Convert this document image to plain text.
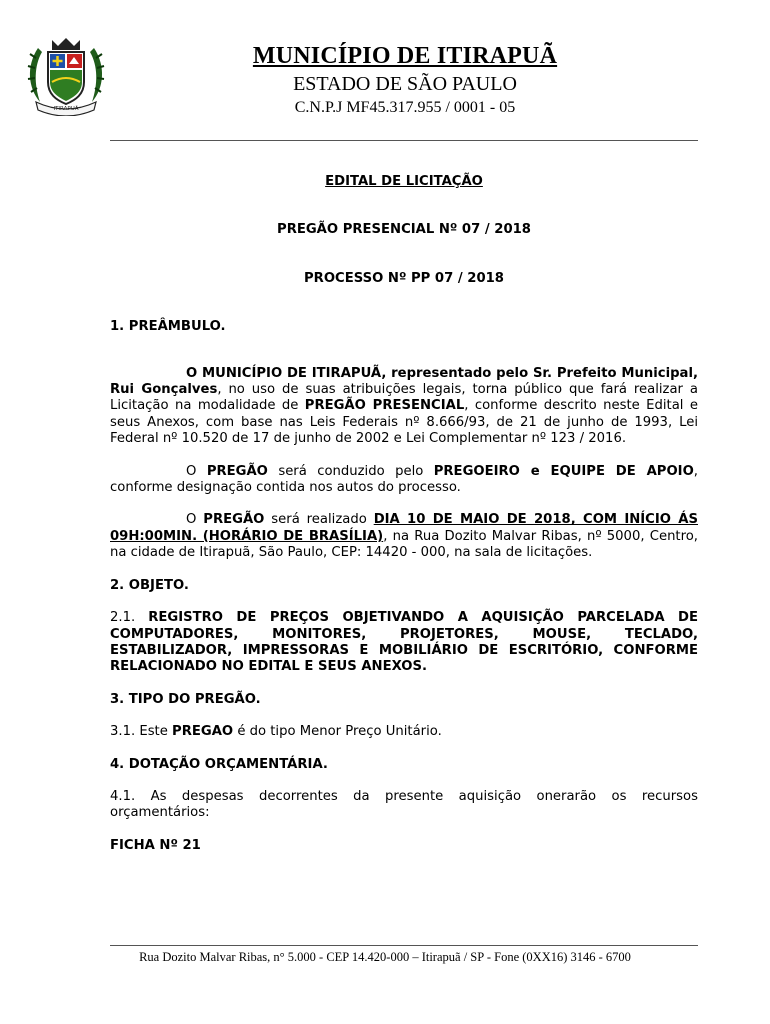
ITIRAPUÃ
MUNICÍPIO DE ITIRAPUÃ
ESTADO DE SÃO PAULO
C.N.P.J MF45.317.955 / 0001 - 05
EDITAL DE LICITAÇÃO
PREGÃO PRESENCIAL Nº 07 / 2018
PROCESSO Nº PP 07 / 2018

1. PREÂMBULO.

O MUNICÍPIO DE ITIRAPUÃ, representado pelo Sr. Prefeito Municipal, Rui Gonçalves, no uso de suas atribuições legais, torna público que fará realizar a Licitação na modalidade de PREGÃO PRESENCIAL, conforme descrito neste Edital e seus Anexos, com base nas Leis Federais nº 8.666/93, de 21 de junho de 1993, Lei Federal nº 10.520 de 17 de junho de 2002 e Lei Complementar nº 123 / 2016.

O PREGÃO será conduzido pelo PREGOEIRO e EQUIPE DE APOIO, conforme designação contida nos autos do processo.

O PREGÃO será realizado DIA 10 DE MAIO DE 2018, COM INÍCIO ÁS 09H:00MIN. (HORÁRIO DE BRASÍLIA), na Rua Dozito Malvar Ribas, nº 5000, Centro, na cidade de Itirapuã, São Paulo, CEP: 14420 - 000, na sala de licitações.

2. OBJETO.

2.1. REGISTRO DE PREÇOS OBJETIVANDO A AQUISIÇÃO PARCELADA DE COMPUTADORES, MONITORES, PROJETORES, MOUSE, TECLADO, ESTABILIZADOR, IMPRESSORAS E MOBILIÁRIO DE ESCRITÓRIO, CONFORME RELACIONADO NO EDITAL E SEUS ANEXOS.

3. TIPO DO PREGÃO.

3.1. Este PREGAO é do tipo Menor Preço Unitário.

4. DOTAÇÃO ORÇAMENTÁRIA.

4.1. As despesas decorrentes da presente aquisição onerarão os recursos orçamentários:

FICHA Nº 21

Rua Dozito Malvar Ribas, n° 5.000 - CEP 14.420-000 – Itirapuã / SP - Fone (0XX16) 3146 - 6700
